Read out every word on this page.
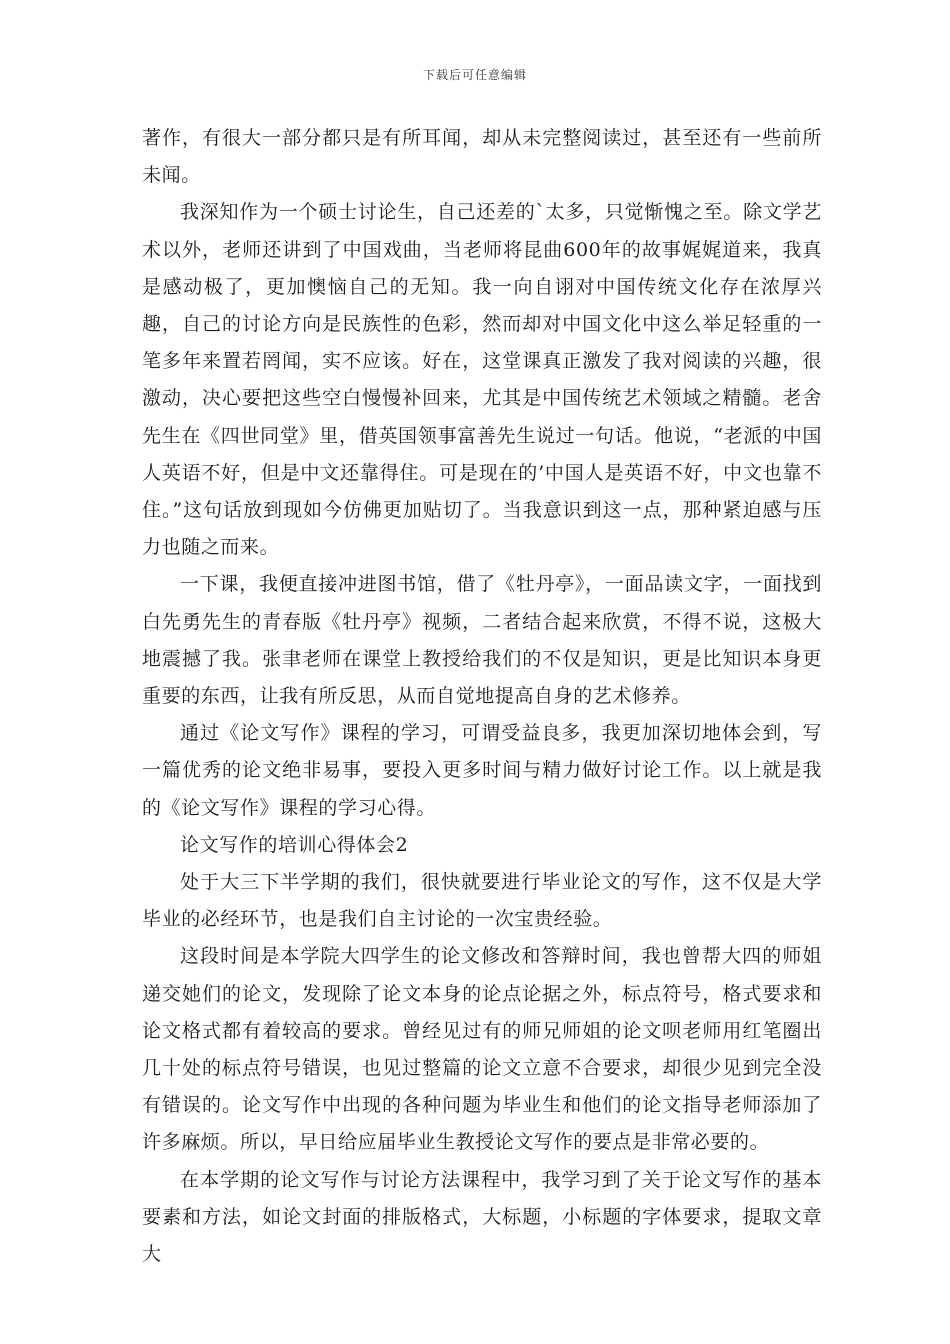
下载后可任意编辑

著作，有很大一部分都只是有所耳闻，却从未完整阅读过，甚至还有一些前所未闻。

我深知作为一个硕士讨论生，自己还差的`太多，只觉惭愧之至。除文学艺术以外，老师还讲到了中国戏曲，当老师将昆曲600年的故事娓娓道来，我真是感动极了，更加懊恼自己的无知。我一向自诩对中国传统文化存在浓厚兴趣，自己的讨论方向是民族性的色彩，然而却对中国文化中这么举足轻重的一笔多年来置若罔闻，实不应该。好在，这堂课真正激发了我对阅读的兴趣，很激动，决心要把这些空白慢慢补回来，尤其是中国传统艺术领域之精髓。老舍先生在《四世同堂》里，借英国领事富善先生说过一句话。他说，“老派的中国人英语不好，但是中文还靠得住。可是现在的’中国人是英语不好，中文也靠不住。”这句话放到现如今仿佛更加贴切了。当我意识到这一点，那种紧迫感与压力也随之而来。

一下课，我便直接冲进图书馆，借了《牡丹亭》，一面品读文字，一面找到白先勇先生的青春版《牡丹亭》视频，二者结合起来欣赏，不得不说，这极大地震撼了我。张聿老师在课堂上教授给我们的不仅是知识，更是比知识本身更重要的东西，让我有所反思，从而自觉地提高自身的艺术修养。

通过《论文写作》课程的学习，可谓受益良多，我更加深切地体会到，写一篇优秀的论文绝非易事，要投入更多时间与精力做好讨论工作。以上就是我的《论文写作》课程的学习心得。

论文写作的培训心得体会2

处于大三下半学期的我们，很快就要进行毕业论文的写作，这不仅是大学毕业的必经环节，也是我们自主讨论的一次宝贵经验。

这段时间是本学院大四学生的论文修改和答辩时间，我也曾帮大四的师姐递交她们的论文，发现除了论文本身的论点论据之外，标点符号，格式要求和论文格式都有着较高的要求。曾经见过有的师兄师姐的论文呗老师用红笔圈出几十处的标点符号错误，也见过整篇的论文立意不合要求，却很少见到完全没有错误的。论文写作中出现的各种问题为毕业生和他们的论文指导老师添加了许多麻烦。所以，早日给应届毕业生教授论文写作的要点是非常必要的。

在本学期的论文写作与讨论方法课程中，我学习到了关于论文写作的基本要素和方法，如论文封面的排版格式，大标题，小标题的字体要求，提取文章大
